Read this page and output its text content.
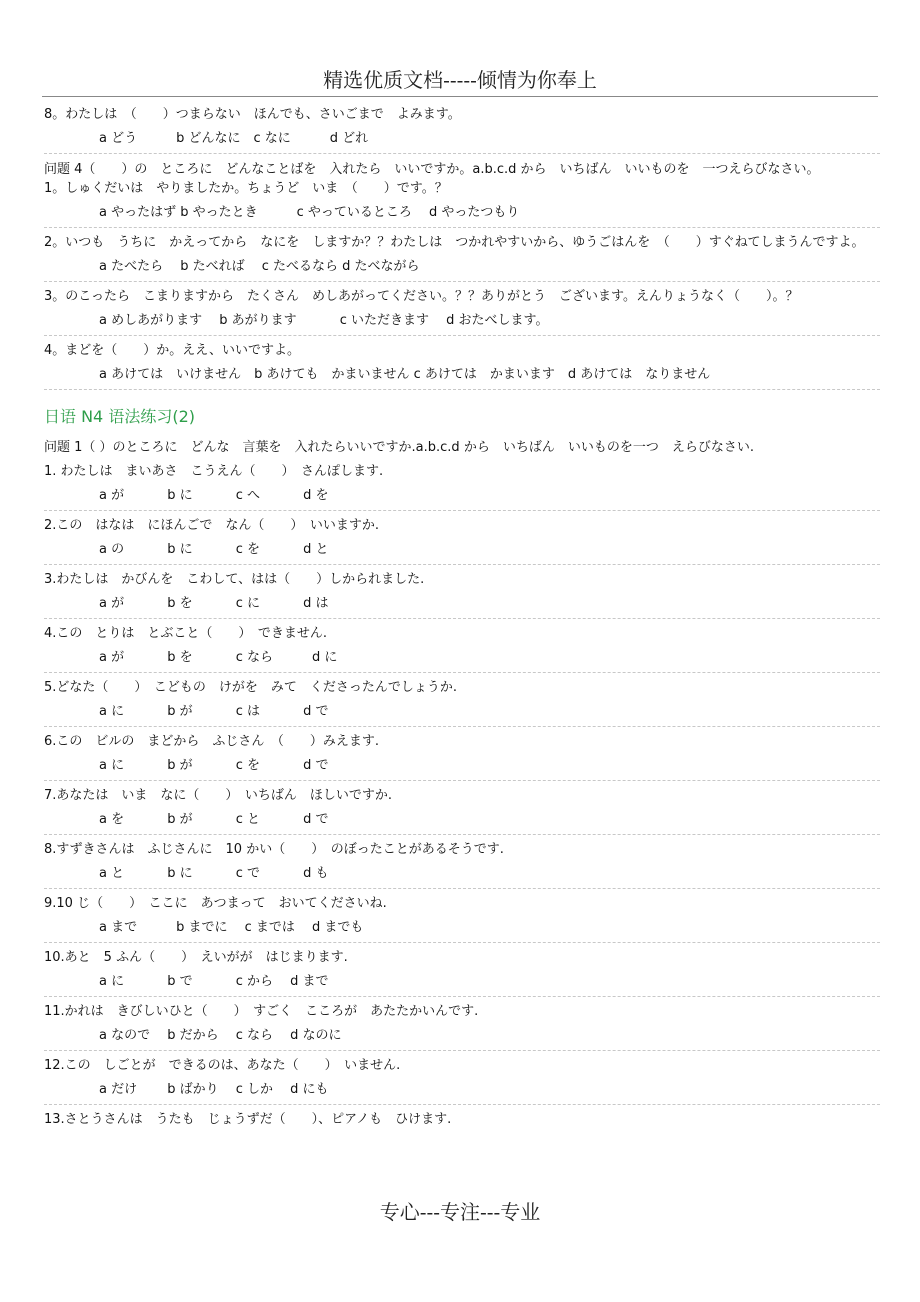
精选优质文档-----倾情为你奉上
8。わたしは　（　　）つまらない　ほんでも、さいごまで　よみます。
a どう　　　b どんなに　c なに　　　d どれ
问题 4（　　）の　ところに　どんなことばを　入れたら　いいですか。a.b.c.d から　いちばん　いいものを　一つえらびなさい。
1。しゅくだいは　やりましたか。ちょうど　いま　（　　）です。？
a やったはず b やったとき　　　c やっているところ　 d やったつもり
2。いつも　うちに　かえってから　なにを　しますか？？わたしは　つかれやすいから、ゆうごはんを　（　　）すぐねてしまうんですよ。
a たべたら　 b たべれば　 c たべるなら d たべながら
3。のこったら　こまりますから　たくさん　めしあがってください。？？ありがとう　ございます。えんりょうなく（　　）。？
a めしあがります　 b あがります　　　 c いただきます　 d おたべします。
4。まどを（　　）か。ええ、いいですよ。
a あけては　いけません　b あけても　かまいません c あけては　かまいます　d あけては　なりません
日语 N4 语法练习(2)
问题 1（ ）のところに　どんな　言葉を　入れたらいいですか.a.b.c.d から　いちばん　いいものを一つ　えらびなさい.
1. わたしは　まいあさ　こうえん（　　）　さんぽします.
a が　　　 b に　　　 c へ　　　 d を
2.この　はなは　にほんごで　なん（　　）　いいますか.
a の　　　 b に　　　 c を　　　 d と
3.わたしは　かびんを　こわして、はは（　　）しかられました.
a が　　　 b を　　　 c に　　　 d は
4.この　とりは　とぶこと（　　）　できません.
a が　　　 b を　　　 c なら　　　d に
5.どなた（　　）　こどもの　けがを　みて　くださったんでしょうか.
a に　　　 b が　　　 c は　　　 d で
6.この　ビルの　まどから　ふじさん　（　　）みえます.
a に　　　 b が　　　 c を　　　 d で
7.あなたは　いま　なに（　　）　いちばん　ほしいですか.
a を　　　 b が　　　 c と　　　 d で
8.すずきさんは　ふじさんに　10 かい（　　）　のぼったことがあるそうです.
a と　　　 b に　　　 c で　　　 d も
9.10 じ（　　）　ここに　あつまって　おいてくださいね.
a まで　　　b までに　 c までは　 d までも
10.あと　5 ふん（　　）　えいがが　はじまります.
a に　　　 b で　　　 c から　 d まで
11.かれは　きびしいひと（　　）　すごく　こころが　あたたかいんです.
a なので　 b だから　 c なら　 d なのに
12.この　しごとが　できるのは、あなた（　　）　いません.
a だけ　　 b ばかり　 c しか　 d にも
13.さとうさんは　うたも　じょうずだ（　　）、ピアノも　ひけます.
专心---专注---专业
